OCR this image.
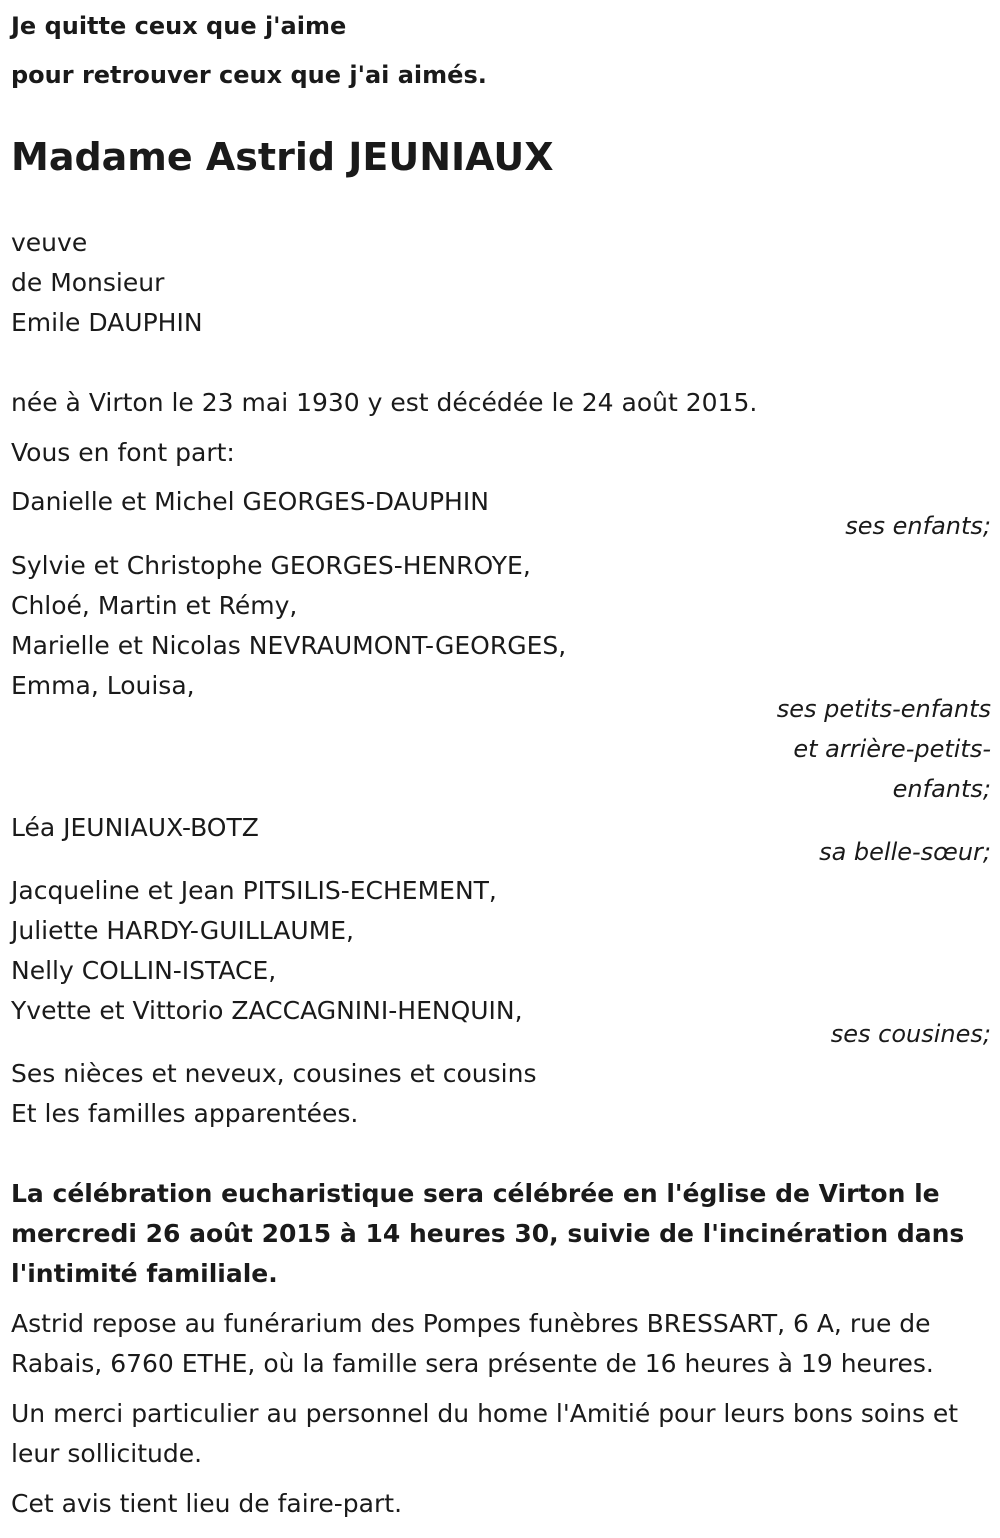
Je quitte ceux que j'aime
pour retrouver ceux que j'ai aimés.
Madame Astrid JEUNIAUX
veuve
de Monsieur
Emile DAUPHIN
née à Virton le 23 mai 1930 y est décédée le 24 août 2015.
Vous en font part:
Danielle et Michel GEORGES-DAUPHIN
ses enfants;
Sylvie et Christophe GEORGES-HENROYE,
Chloé, Martin et Rémy,
Marielle et Nicolas NEVRAUMONT-GEORGES,
Emma, Louisa,
ses petits-enfants
et arrière-petits-
enfants;
Léa JEUNIAUX-BOTZ
sa belle-sœur;
Jacqueline et Jean PITSILIS-ECHEMENT,
Juliette HARDY-GUILLAUME,
Nelly COLLIN-ISTACE,
Yvette et Vittorio ZACCAGNINI-HENQUIN,
ses cousines;
Ses nièces et neveux, cousines et cousins
Et les familles apparentées.
La célébration eucharistique sera célébrée en l'église de Virton le mercredi 26 août 2015 à 14 heures 30, suivie de l'incinération dans l'intimité familiale.
Astrid repose au funérarium des Pompes funèbres BRESSART, 6 A, rue de Rabais, 6760 ETHE, où la famille sera présente de 16 heures à 19 heures.
Un merci particulier au personnel du home l'Amitié pour leurs bons soins et leur sollicitude.
Cet avis tient lieu de faire-part.
